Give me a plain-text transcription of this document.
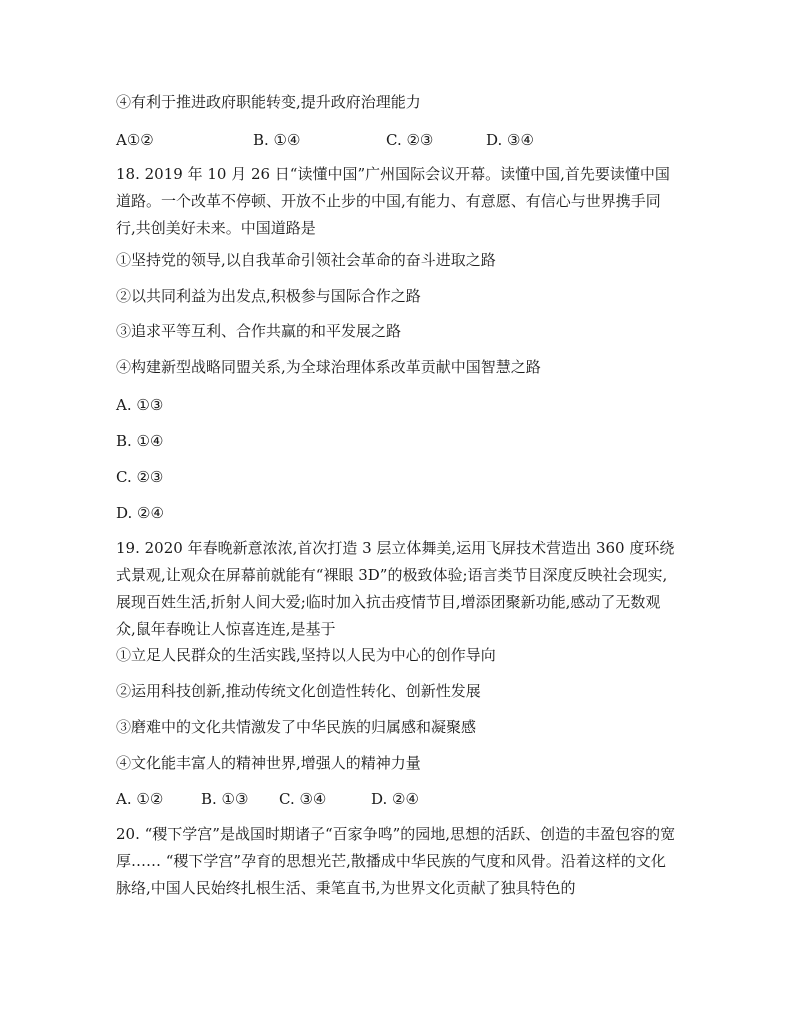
④有利于推进政府职能转变,提升政府治理能力
A①②	B. ①④	C. ②③	D. ③④
18. 2019 年 10 月 26 日“读懂中国”广州国际会议开幕。读懂中国,首先要读懂中国道路。一个改革不停顿、开放不止步的中国,有能力、有意愿、有信心与世界携手同行,共创美好未来。中国道路是
①坚持党的领导,以自我革命引领社会革命的奋斗进取之路
②以共同利益为出发点,积极参与国际合作之路
③追求平等互利、合作共赢的和平发展之路
④构建新型战略同盟关系,为全球治理体系改革贡献中国智慧之路
A. ①③
B. ①④
C. ②③
D. ②④
19. 2020 年春晚新意浓浓,首次打造 3 层立体舞美,运用飞屏技术营造出 360 度环绕式景观,让观众在屏幕前就能有“裸眼 3D”的极致体验;语言类节目深度反映社会现实,展现百姓生活,折射人间大爱;临时加入抗击疫情节目,增添团聚新功能,感动了无数观众,鼠年春晚让人惊喜连连,是基于
①立足人民群众的生活实践,坚持以人民为中心的创作导向
②运用科技创新,推动传统文化创造性转化、创新性发展
③磨难中的文化共情激发了中华民族的归属感和凝聚感
④文化能丰富人的精神世界,增强人的精神力量
A. ①②	B. ①③ C. ③④	D. ②④
20. “稷下学宫”是战国时期诸子“百家争鸣”的园地,思想的活跃、创造的丰盈包容的宽厚…… “稷下学宫”孕育的思想光芒,散播成中华民族的气度和风骨。沿着这样的文化脉络,中国人民始终扎根生活、秉笔直书,为世界文化贡献了独具特色的
